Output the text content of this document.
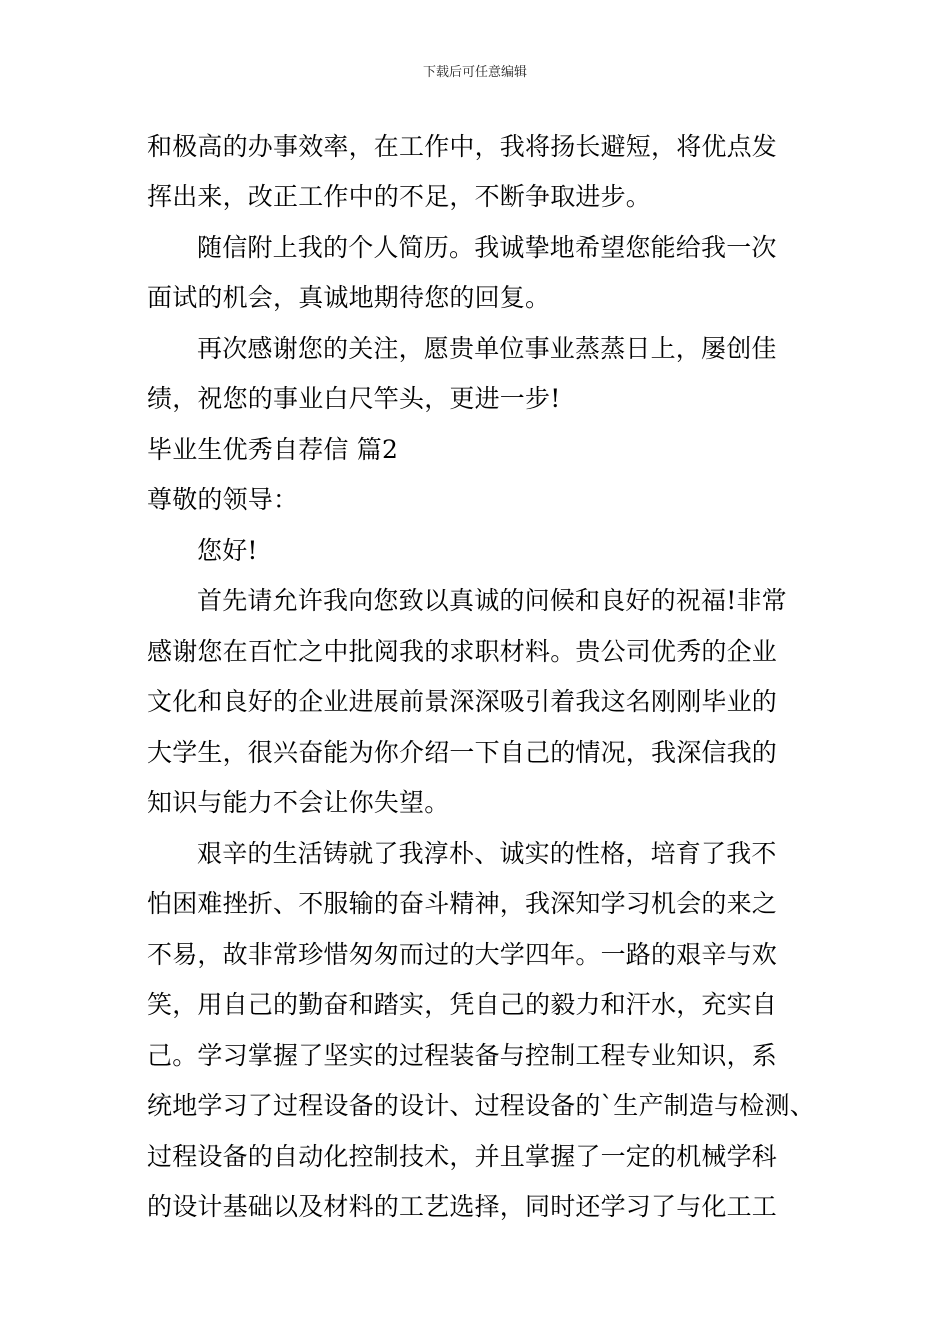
下载后可任意编辑
和极高的办事效率，在工作中，我将扬长避短，将优点发
挥出来，改正工作中的不足，不断争取进步。
随信附上我的个人简历。我诚挚地希望您能给我一次
面试的机会，真诚地期待您的回复。
再次感谢您的关注，愿贵单位事业蒸蒸日上，屡创佳
绩，祝您的事业白尺竿头，更进一步!
毕业生优秀自荐信 篇2
尊敬的领导：
您好!
首先请允许我向您致以真诚的问候和良好的祝福!非常
感谢您在百忙之中批阅我的求职材料。贵公司优秀的企业
文化和良好的企业进展前景深深吸引着我这名刚刚毕业的
大学生，很兴奋能为你介绍一下自己的情况，我深信我的
知识与能力不会让你失望。
艰辛的生活铸就了我淳朴、诚实的性格，培育了我不
怕困难挫折、不服输的奋斗精神，我深知学习机会的来之
不易，故非常珍惜匆匆而过的大学四年。一路的艰辛与欢
笑，用自己的勤奋和踏实，凭自己的毅力和汗水，充实自
己。学习掌握了坚实的过程装备与控制工程专业知识，系
统地学习了过程设备的设计、过程设备的`生产制造与检测、
过程设备的自动化控制技术，并且掌握了一定的机械学科
的设计基础以及材料的工艺选择，同时还学习了与化工工
